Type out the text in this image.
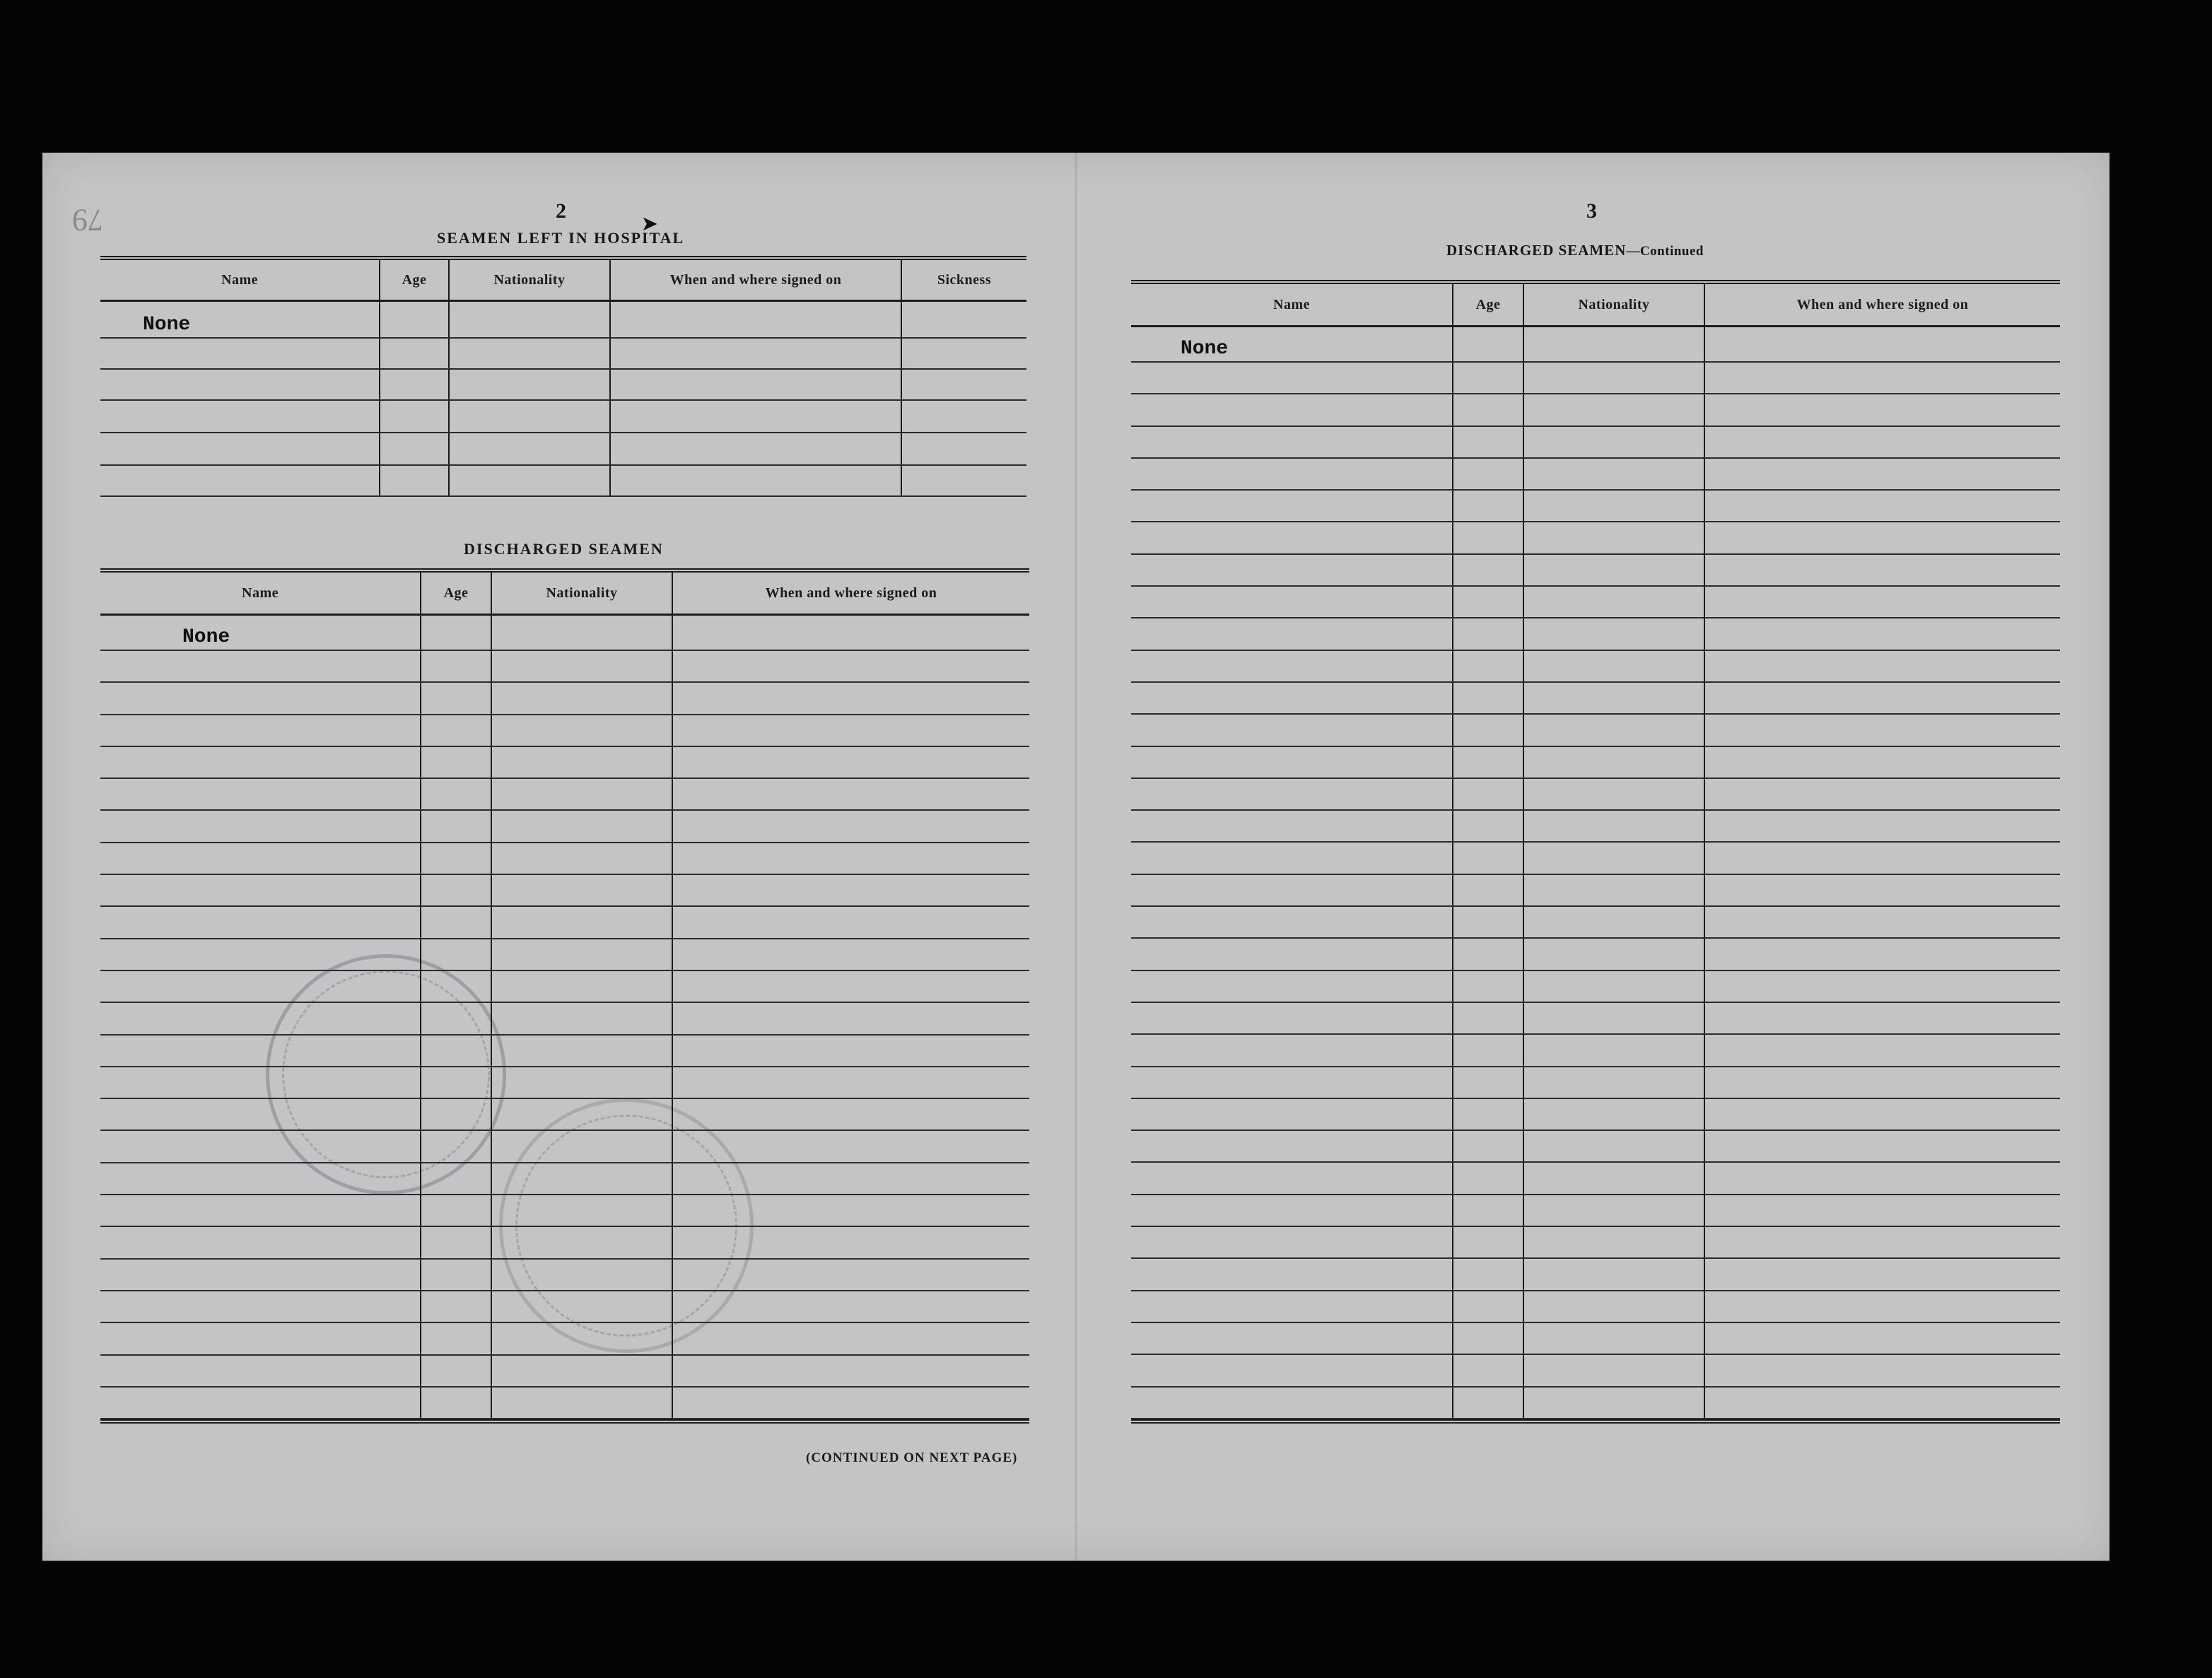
79	2
SEAMEN LEFT IN HOSPITAL
➤
Name	Age	Nationality	When and where signed on	Sickness
None
DISCHARGED SEAMEN
Name	Age	Nationality	When and where signed on
None
(CONTINUED ON NEXT PAGE)
3
DISCHARGED SEAMEN—Continued
Name	Age	Nationality	When and where signed on
None
